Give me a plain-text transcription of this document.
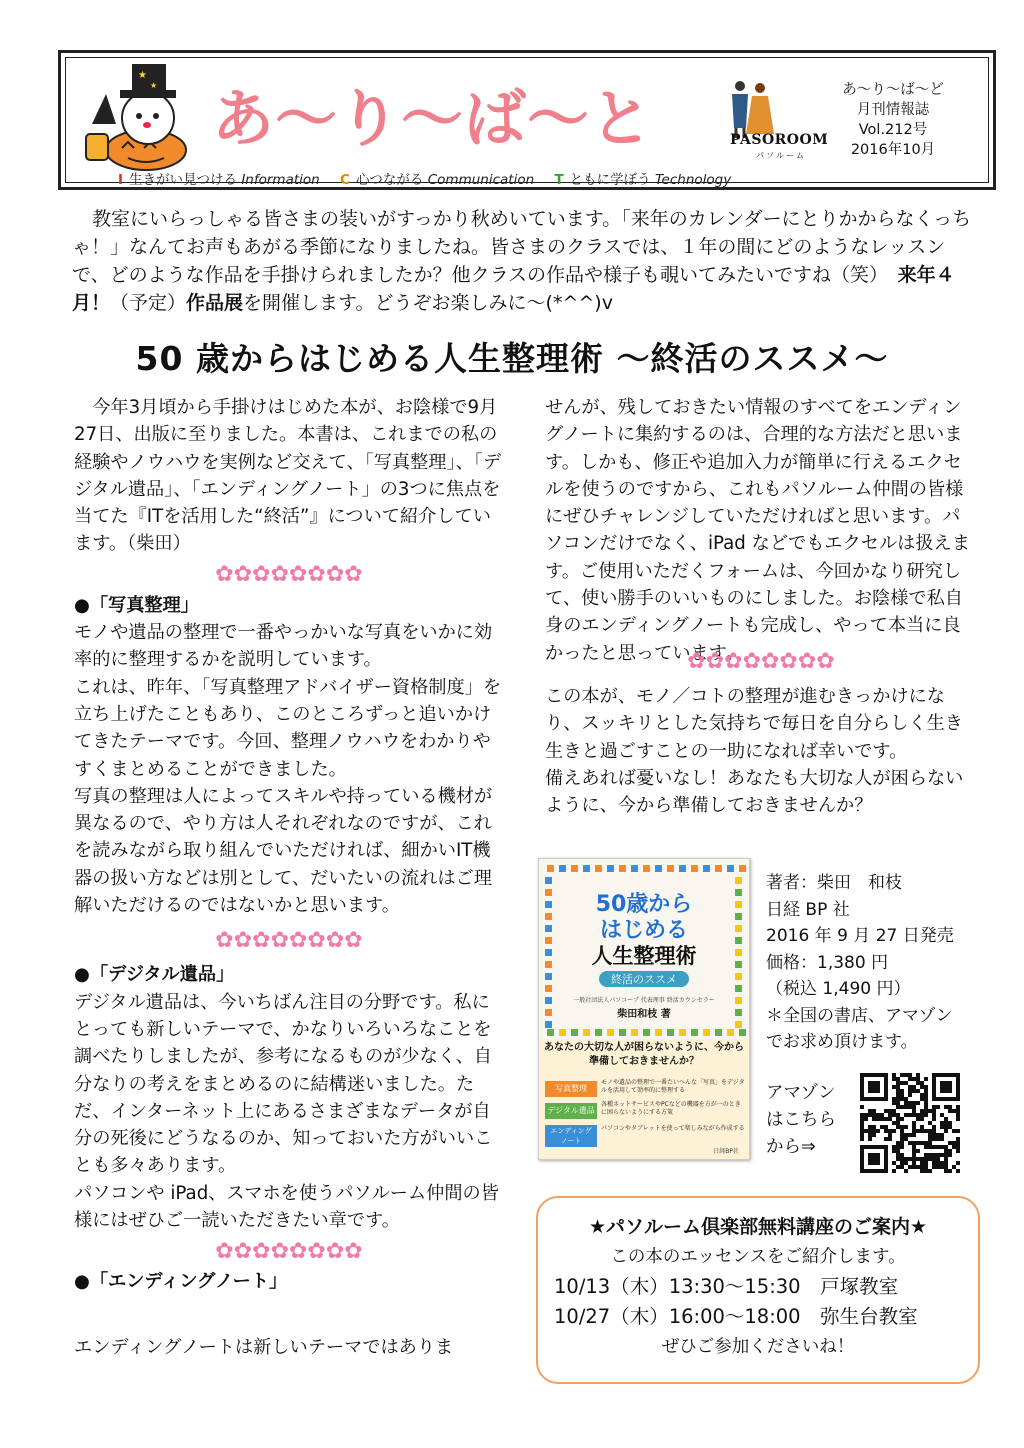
★
★ あ〜り〜ば〜と
I 生きがい見つける Information C 心つながる Communication T ともに学ぼう Technology
PASOROOM
パソルーム
あ〜り〜ば〜ど
月刊情報誌
Vol.212号
2016年10月
教室にいらっしゃる皆さまの装いがすっかり秋めいています。「来年のカレンダーにとりかからなくっちゃ！」なんてお声もあがる季節になりましたね。皆さまのクラスでは、１年の間にどのようなレッスンで、どのような作品を手掛けられましたか？他クラスの作品や様子も覗いてみたいですね（笑）　来年４月！（予定）作品展を開催します。どうぞお楽しみに〜(*^^)v
50 歳からはじめる人生整理術 〜終活のススメ〜

今年3月頃から手掛けはじめた本が、お陰様で9月27日、出版に至りました。本書は、これまでの私の経験やノウハウを実例など交えて、「写真整理」、「デジタル遺品」、「エンディングノート」の3つに焦点を当てた『ITを活用した“終活”』について紹介しています。（柴田）

✿✿✿✿✿✿✿✿

●「写真整理」

モノや遺品の整理で一番やっかいな写真をいかに効率的に整理するかを説明しています。

これは、昨年、「写真整理アドバイザー資格制度」を立ち上げたこともあり、このところずっと追いかけてきたテーマです。今回、整理ノウハウをわかりやすくまとめることができました。

写真の整理は人によってスキルや持っている機材が異なるので、やり方は人それぞれなのですが、これを読みながら取り組んでいただければ、細かいIT機器の扱い方などは別として、だいたいの流れはご理解いただけるのではないかと思います。

✿✿✿✿✿✿✿✿

●「デジタル遺品」

デジタル遺品は、今いちばん注目の分野です。私にとっても新しいテーマで、かなりいろいろなことを調べたりしましたが、参考になるものが少なく、自分なりの考えをまとめるのに結構迷いました。ただ、インターネット上にあるさまざまなデータが自分の死後にどうなるのか、知っておいた方がいいことも多々あります。

パソコンや iPad、スマホを使うパソルーム仲間の皆様にはぜひご一読いただきたい章です。

✿✿✿✿✿✿✿✿

●「エンディングノート」

エンディングノートは新しいテーマではありま

せんが、残しておきたい情報のすべてをエンディングノートに集約するのは、合理的な方法だと思います。しかも、修正や追加入力が簡単に行えるエクセルを使うのですから、これもパソルーム仲間の皆様にぜひチャレンジしていただければと思います。パソコンだけでなく、iPad などでもエクセルは扱えます。ご使用いただくフォームは、今回かなり研究して、使い勝手のいいものにしました。お陰様で私自身のエンディングノートも完成し、やって本当に良かったと思っています。

✿✿✿✿✿✿✿✿

この本が、モノ／コトの整理が進むきっかけになり、スッキリとした気持ちで毎日を自分らしく生き生きと過ごすことの一助になれば幸いです。

備えあれば憂いなし！あなたも大切な人が困らないように、今から準備しておきませんか？

50歳から
はじめる
人生整理術
終活のススメ
一般社団法人パソコープ 代表理事 終活カウンセラー
柴田和枝 著
あなたの大切な人が困らないように、今から準備しておきませんか？
写真整理
デジタル遺品
エンディング
ノート
モノや遺品の整理で一番たいへんな「写真」をデジタルを活用して効率的に整理する
各種ネットサービスやPCなどの機器を方が一のときに困らないようにする方策
パソコンやタブレットを使って楽しみながら作成する
日経BP社
著者：柴田　和枝
日経 BP 社
2016 年 9 月 27 日発売
価格：1,380 円
（税込 1,490 円）
＊全国の書店、アマゾン
でお求め頂けます。
アマゾン
はこちら
から⇒
★パソルーム倶楽部無料講座のご案内★
この本のエッセンスをご紹介します。
10/13（木）13:30〜15:30　戸塚教室
10/27（木）16:00〜18:00　弥生台教室
ぜひご参加くださいね！
